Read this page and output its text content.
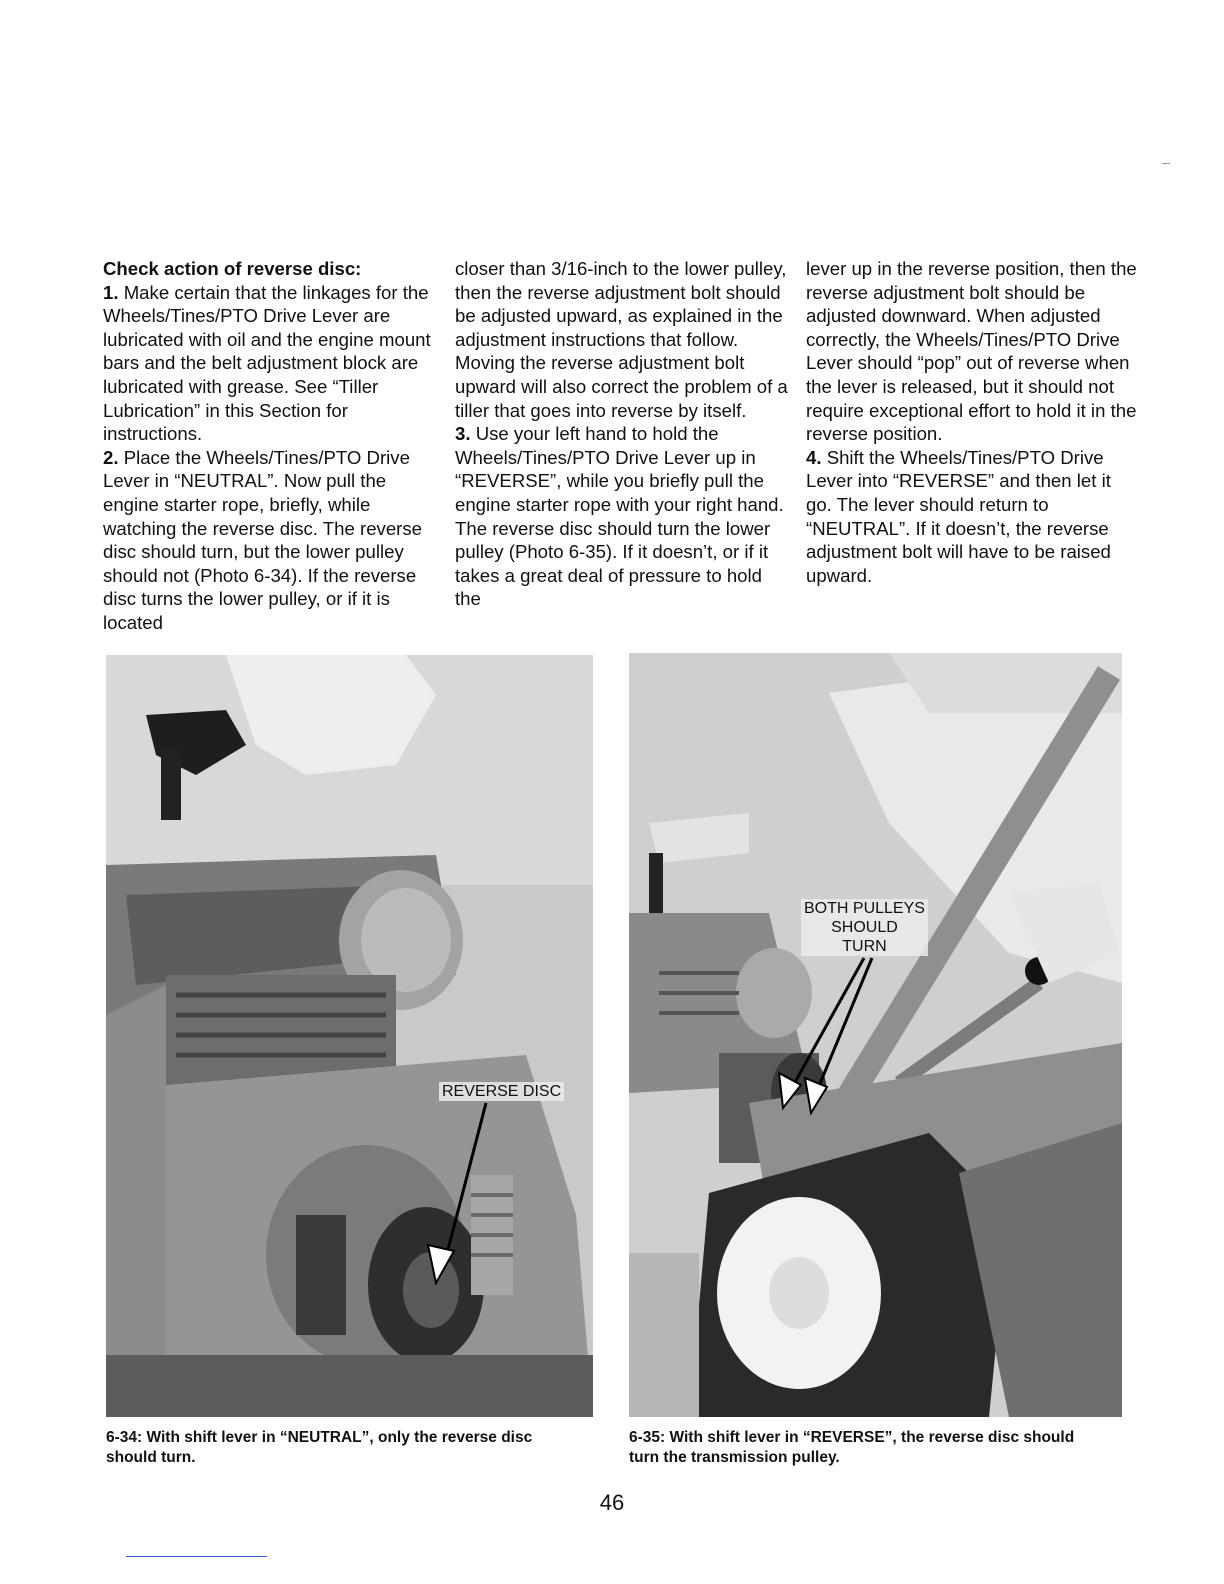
Check action of reverse disc:
1. Make certain that the linkages for the Wheels/Tines/PTO Drive Lever are lubricated with oil and the engine mount bars and the belt adjustment block are lubricated with grease. See “Tiller Lubrication” in this Section for instructions.
2. Place the Wheels/Tines/PTO Drive Lever in “NEUTRAL”. Now pull the engine starter rope, briefly, while watching the reverse disc. The reverse disc should turn, but the lower pulley should not (Photo 6-34). If the reverse disc turns the lower pulley, or if it is located
closer than 3/16-inch to the lower pulley, then the reverse adjustment bolt should be adjusted upward, as explained in the adjustment instructions that follow. Moving the reverse adjustment bolt upward will also correct the problem of a tiller that goes into reverse by itself.
3. Use your left hand to hold the Wheels/Tines/PTO Drive Lever up in “REVERSE”, while you briefly pull the engine starter rope with your right hand. The reverse disc should turn the lower pulley (Photo 6-35). If it doesn’t, or if it takes a great deal of pressure to hold the
lever up in the reverse position, then the reverse adjustment bolt should be adjusted downward. When adjusted correctly, the Wheels/Tines/PTO Drive Lever should “pop” out of reverse when the lever is released, but it should not require exceptional effort to hold it in the reverse position.
4. Shift the Wheels/Tines/PTO Drive Lever into “REVERSE” and then let it go. The lever should return to “NEUTRAL”. If it doesn’t, the reverse adjustment bolt will have to be raised upward.
REVERSE DISC
BOTH PULLEYS
SHOULD
TURN
6-34: With shift lever in “NEUTRAL”, only the reverse disc should turn.
6-35: With shift lever in “REVERSE”, the reverse disc should turn the transmission pulley.
46
